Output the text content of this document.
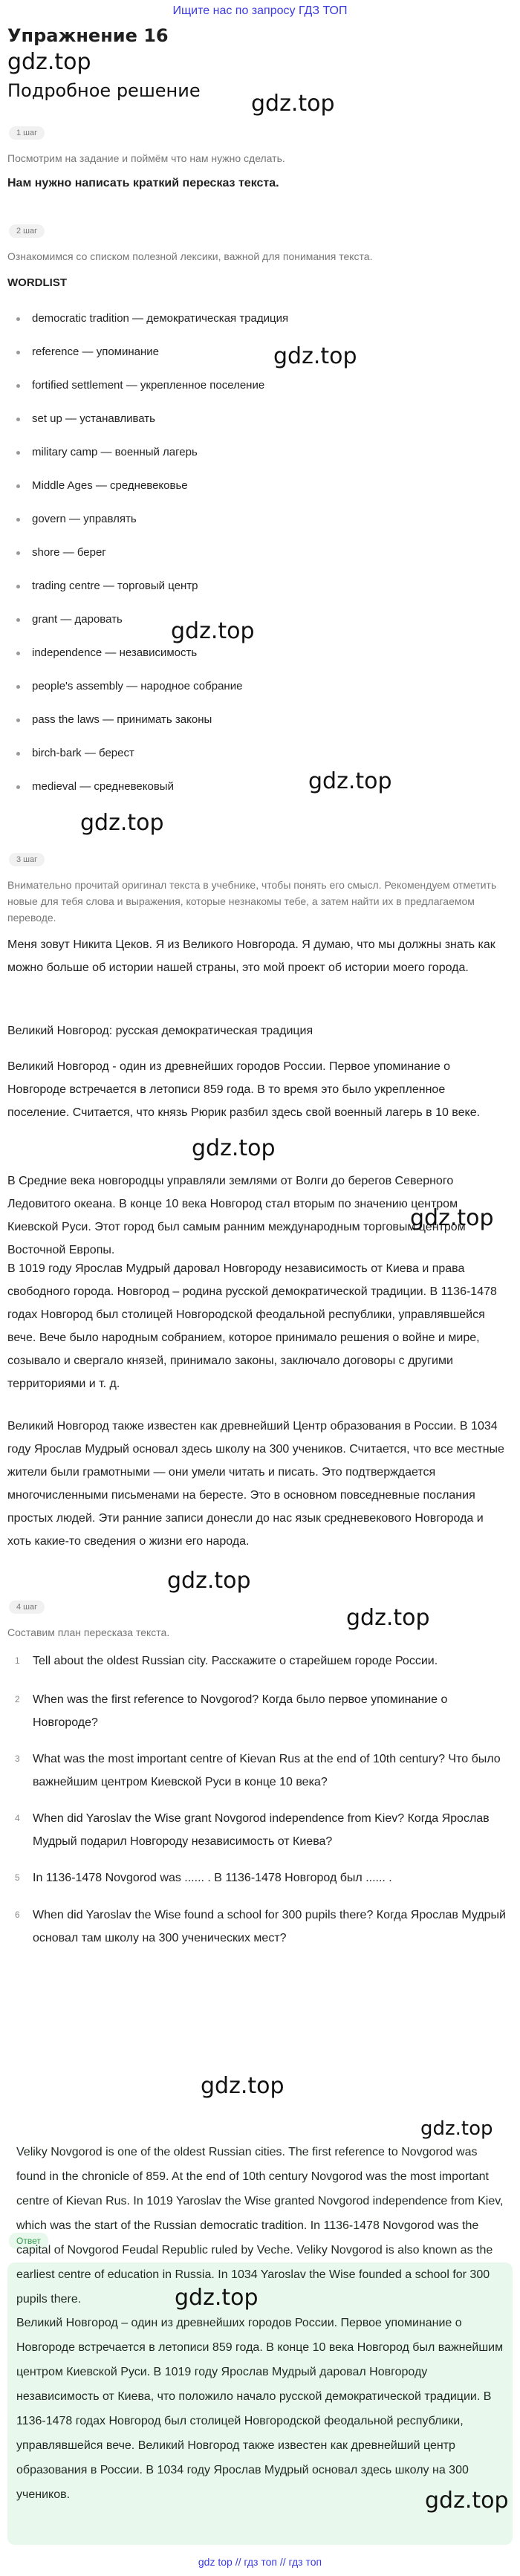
Ищите нас по запросу ГДЗ ТОП
Упражнение 16
gdz.top
Подробное решение gdz.top
1 шаг
Посмотрим на задание и поймём что нам нужно сделать.
Нам нужно написать краткий пересказ текста.
2 шаг
Ознакомимся со списком полезной лексики, важной для понимания текста.
WORDLIST
democratic tradition — демократическая традиция
reference — упоминание	gdz.top
fortified settlement — укрепленное поселение
set up — устанавливать
military camp — военный лагерь
Middle Ages — средневековье
govern — управлять
shore — берег
trading centre — торговый центр
grant — даровать gdz.top
independence — независимость
people's assembly — народное собрание
pass the laws — принимать законы
birch-bark — берест
gdz.top
medieval — средневековый
gdz.top
3 шаг
Внимательно прочитай оригинал текста в учебнике, чтобы понять его смысл. Рекомендуем отметить новые для тебя слова и выражения, которые незнакомы тебе, а затем найти их в предлагаемом переводе.
Меня зовут Никита Цеков. Я из Великого Новгорода. Я думаю, что мы должны знать как можно больше об истории нашей страны, это мой проект об истории моего города.
Великий Новгород: русская демократическая традиция
Великий Новгород - один из древнейших городов России. Первое упоминание о Новгороде встречается в летописи 859 года. В то время это было укрепленное поселение. Считается, что князь Рюрик разбил здесь свой военный лагерь в 10 веке.
gdz.top
В Средние века новгородцы управляли землями от Волги до берегов Северного Ледовитого океана. В конце 10 века Новгород стал вторым по значению центром Киевской Руси. Этот город был самым ранним международным торговым центром Восточной Европы.
gdz.top
В 1019 году Ярослав Мудрый даровал Новгороду независимость от Киева и права свободного города. Новгород – родина русской демократической традиции. В 1136-1478 годах Новгород был столицей Новгородской феодальной республики, управлявшейся вече. Вече было народным собранием, которое принимало решения о войне и мире, созывало и свергало князей, принимало законы, заключало договоры с другими территориями и т. д.
Великий Новгород также известен как древнейший Центр образования в России. В 1034 году Ярослав Мудрый основал здесь школу на 300 учеников. Считается, что все местные жители были грамотными — они умели читать и писать. Это подтверждается многочисленными письменами на бересте. Это в основном повседневные послания простых людей. Эти ранние записи донесли до нас язык средневекового Новгорода и хоть какие-то сведения о жизни его народа.
gdz.top
4 шаг	gdz.top
Составим план пересказа текста.
1 Tell about the oldest Russian city. Расскажите о старейшем городе России.
2 When was the first reference to Novgorod? Когда было первое упоминание о Новгороде?
3 What was the most important centre of Kievan Rus at the end of 10th century? Что было важнейшим центром Киевской Руси в конце 10 века?
4 When did Yaroslav the Wise grant Novgorod independence from Kiev? Когда Ярослав Мудрый подарил Новгороду независимость от Киева?
5 In 1136-1478 Novgorod was ...... . В 1136-1478 Новгород был ...... .
6 When did Yaroslav the Wise found a school for 300 pupils there? Когда Ярослав Мудрый основал там школу на 300 ученических мест?
gdz.top
Ответ
gdz.top
Veliky Novgorod is one of the oldest Russian cities. The first reference to Novgorod was found in the chronicle of 859. At the end of 10th century Novgorod was the most important centre of Kievan Rus. In 1019 Yaroslav the Wise granted Novgorod independence from Kiev, which was the start of the Russian democratic tradition. In 1136-1478 Novgorod was the capital of Novgorod Feudal Republic ruled by Veche. Veliky Novgorod is also known as the earliest centre of education in Russia. In 1034 Yaroslav the Wise founded a school for 300 pupils there.	gdz.top
Великий Новгород – один из древнейших городов России. Первое упоминание о Новгороде встречается в летописи 859 года. В конце 10 века Новгород был важнейшим центром Киевской Руси. В 1019 году Ярослав Мудрый даровал Новгороду независимость от Киева, что положило начало русской демократической традиции. В 1136-1478 годах Новгород был столицей Новгородской феодальной республики, управлявшейся вече. Великий Новгород также известен как древнейший центр образования в России. В 1034 году Ярослав Мудрый основал здесь школу на 300 учеников.	gdz.top
gdz top // гдз топ // гдз топ
